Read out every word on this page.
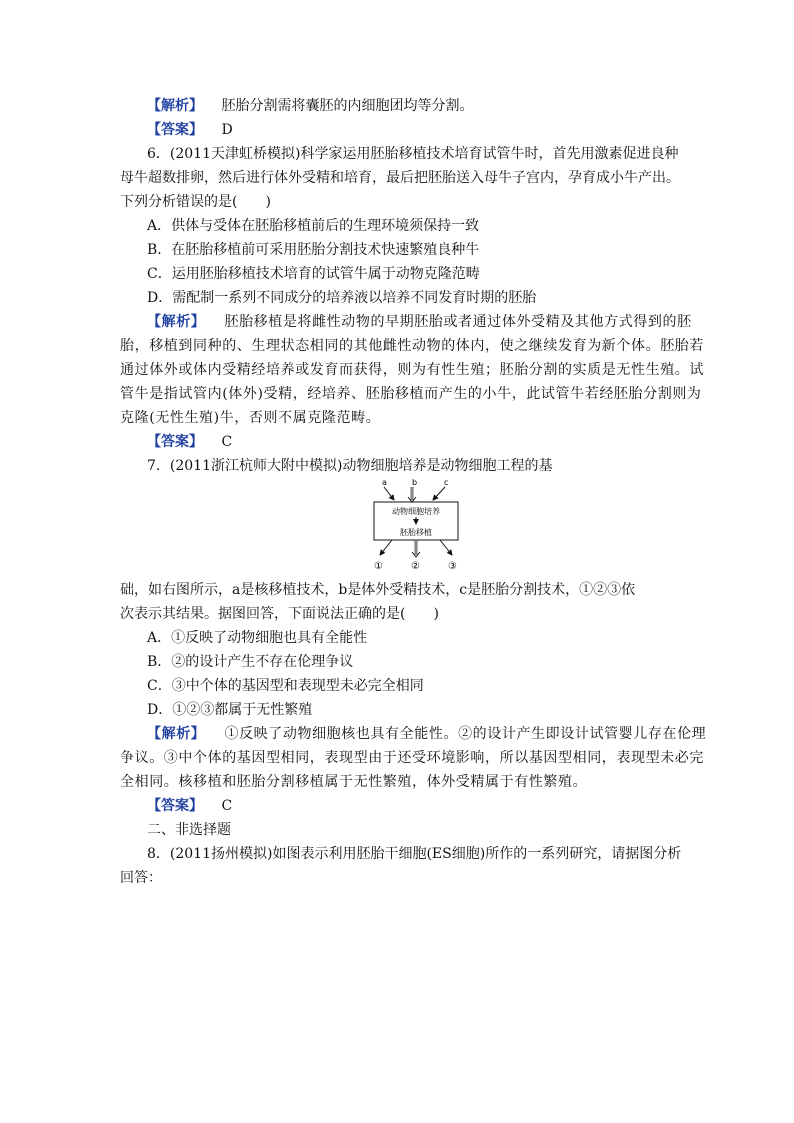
【解析】 胚胎分割需将囊胚的内细胞团均等分割。
【答案】 D
6．(2011天津虹桥模拟)科学家运用胚胎移植技术培育试管牛时，首先用激素促进良种
母牛超数排卵，然后进行体外受精和培育，最后把胚胎送入母牛子宫内，孕育成小牛产出。
下列分析错误的是(　　)
A．供体与受体在胚胎移植前后的生理环境须保持一致
B．在胚胎移植前可采用胚胎分割技术快速繁殖良种牛
C．运用胚胎移植技术培育的试管牛属于动物克隆范畴
D．需配制一系列不同成分的培养液以培养不同发育时期的胚胎
【解析】 胚胎移植是将雌性动物的早期胚胎或者通过体外受精及其他方式得到的胚
胎，移植到同种的、生理状态相同的其他雌性动物的体内，使之继续发育为新个体。胚胎若
通过体外或体内受精经培养或发育而获得，则为有性生殖；胚胎分割的实质是无性生殖。试
管牛是指试管内(体外)受精，经培养、胚胎移植而产生的小牛，此试管牛若经胚胎分割则为
克隆(无性生殖)牛，否则不属克隆范畴。
【答案】 C
7．(2011浙江杭师大附中模拟)动物细胞培养是动物细胞工程的基
a	b	c
动物细胞培养
胚胎移植
①	②	③
础，如右图所示，a是核移植技术，b是体外受精技术，c是胚胎分割技术，①②③依
次表示其结果。据图回答，下面说法正确的是(　　)
A．①反映了动物细胞也具有全能性
B．②的设计产生不存在伦理争议
C．③中个体的基因型和表现型未必完全相同
D．①②③都属于无性繁殖
【解析】 ①反映了动物细胞核也具有全能性。②的设计产生即设计试管婴儿存在伦理
争议。③中个体的基因型相同，表现型由于还受环境影响，所以基因型相同，表现型未必完
全相同。核移植和胚胎分割移植属于无性繁殖，体外受精属于有性繁殖。
【答案】 C
二、非选择题
8．(2011扬州模拟)如图表示利用胚胎干细胞(ES细胞)所作的一系列研究，请据图分析
回答：
